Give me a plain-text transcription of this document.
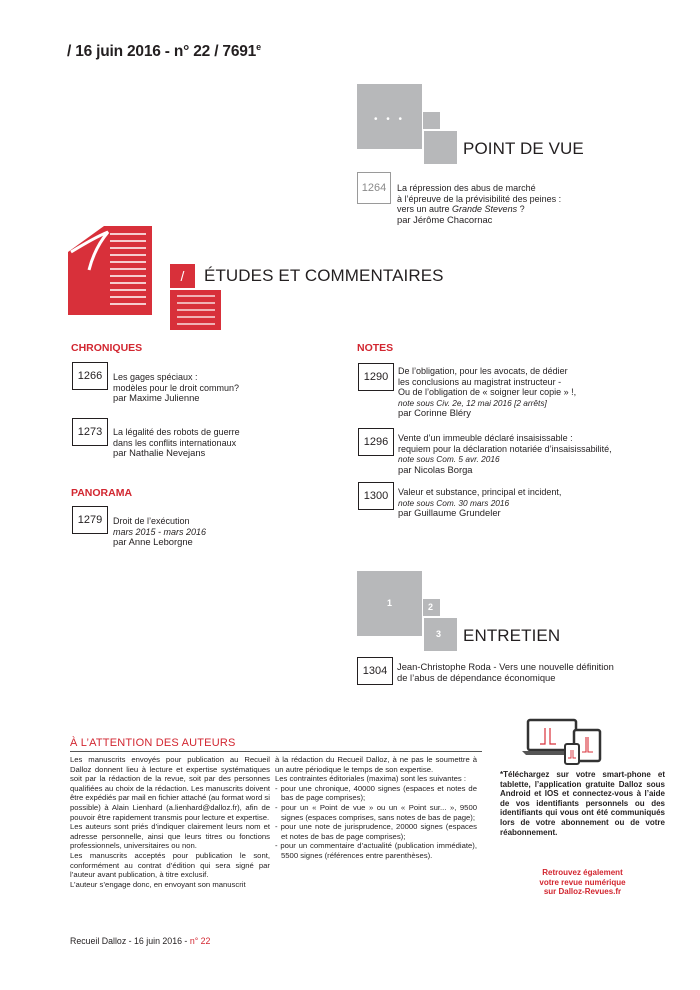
/ 16 juin 2016 - n° 22 / 7691e
• • •
POINT DE VUE
1264	La répression des abus de marché
à l’épreuve de la prévisibilité des peines :
vers un autre Grande Stevens ?
par Jérôme Chacornac
/	ÉTUDES ET COMMENTAIRES
CHRONIQUES
1266	Les gages spéciaux :
modèles pour le droit commun?
par Maxime Julienne
1273	La légalité des robots de guerre
dans les conflits internationaux
par Nathalie Nevejans
PANORAMA
1279	Droit de l’exécution
mars 2015 - mars 2016
par Anne Leborgne
NOTES
1290	De l’obligation, pour les avocats, de dédier
les conclusions au magistrat instructeur -
Ou de l’obligation de « soigner leur copie » !,
note sous Civ. 2e, 12 mai 2016 [2 arrêts]
par Corinne Bléry
1296	Vente d’un immeuble déclaré insaisissable :
requiem pour la déclaration notariée d’insaisissabilité,
note sous Com. 5 avr. 2016
par Nicolas Borga
1300	Valeur et substance, principal et incident,
note sous Com. 30 mars 2016
par Guillaume Grundeler
1	2
3 ENTRETIEN
1304	Jean-Christophe Roda - Vers une nouvelle définition
de l’abus de dépendance économique
À L’ATTENTION DES AUTEURS

Les manuscrits envoyés pour publication au Recueil Dalloz donnent lieu à lecture et expertise systématiques soit par la rédaction de la revue, soit par des personnes qualifiées au choix de la rédaction. Les manuscrits doivent être expédiés par mail en fichier attaché (au format word si possible) à Alain Lienhard (a.lienhard@dalloz.fr), afin de pouvoir être rapidement transmis pour lecture et expertise.

Les auteurs sont priés d’indiquer clairement leurs nom et adresse personnelle, ainsi que leurs titres ou fonctions professionnels, universitaires ou non.

Les manuscrits acceptés pour publication le sont, conformément au contrat d’édition qui sera signé par l’auteur avant publication, à titre exclusif.

L’auteur s’engage donc, en envoyant son manuscrit

à la rédaction du Recueil Dalloz, à ne pas le soumettre à un autre périodique le temps de son expertise.

Les contraintes éditoriales (maxima) sont les suivantes :

- pour une chronique, 40000 signes (espaces et notes de bas de page comprises);

- pour un « Point de vue » ou un « Point sur... », 9500 signes (espaces comprises, sans notes de bas de page);

- pour une note de jurisprudence, 20000 signes (espaces et notes de bas de page comprises);

- pour un commentaire d’actualité (publication immédiate), 5500 signes (références entre parenthèses).

*Téléchargez sur votre smart-phone et tablette, l’application gratuite Dalloz sous Android et IOS et connectez-vous à l’aide de vos identifiants personnels ou des identifiants qui vous ont été communiqués lors de votre abonnement ou de votre réabonnement.
Retrouvez également
votre revue numérique
sur Dalloz-Revues.fr
Recueil Dalloz - 16 juin 2016 - n° 22
